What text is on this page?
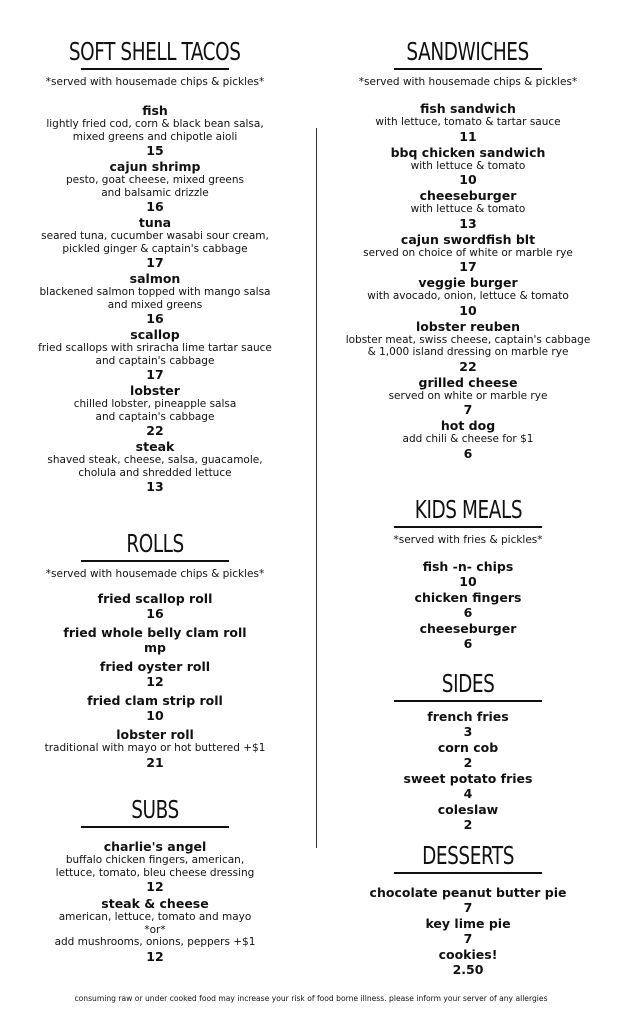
SOFT SHELL TACOS
*served with housemade chips & pickles*
fish
lightly fried cod, corn & black bean salsa,
mixed greens and chipotle aioli
15
cajun shrimp
pesto, goat cheese, mixed greens
and balsamic drizzle
16
tuna
seared tuna, cucumber wasabi sour cream,
pickled ginger & captain's cabbage
17
salmon
blackened salmon topped with mango salsa
and mixed greens
16
scallop
fried scallops with sriracha lime tartar sauce
and captain's cabbage
17
lobster
chilled lobster, pineapple salsa
and captain's cabbage
22
steak
shaved steak, cheese, salsa, guacamole,
cholula and shredded lettuce
13
ROLLS
*served with housemade chips & pickles*
fried scallop roll
16
fried whole belly clam roll
mp
fried oyster roll
12
fried clam strip roll
10
lobster roll
traditional with mayo or hot buttered +$1
21
SUBS
charlie's angel
buffalo chicken fingers, american,
lettuce, tomato, bleu cheese dressing
12
steak & cheese
american, lettuce, tomato and mayo
*or*
add mushrooms, onions, peppers +$1
12
SANDWICHES
*served with housemade chips & pickles*
fish sandwich
with lettuce, tomato & tartar sauce
11
bbq chicken sandwich
with lettuce & tomato
10
cheeseburger
with lettuce & tomato
13
cajun swordfish blt
served on choice of white or marble rye
17
veggie burger
with avocado, onion, lettuce & tomato
10
lobster reuben
lobster meat, swiss cheese, captain's cabbage
& 1,000 island dressing on marble rye
22
grilled cheese
served on white or marble rye
7
hot dog
add chili & cheese for $1
6
KIDS MEALS
*served with fries & pickles*
fish -n- chips
10
chicken fingers
6
cheeseburger
6
SIDES
french fries
3
corn cob
2
sweet potato fries
4
coleslaw
2
DESSERTS
chocolate peanut butter pie
7
key lime pie
7
cookies!
2.50
consuming raw or under cooked food may increase your risk of food borne illness. please inform your server of any allergies
